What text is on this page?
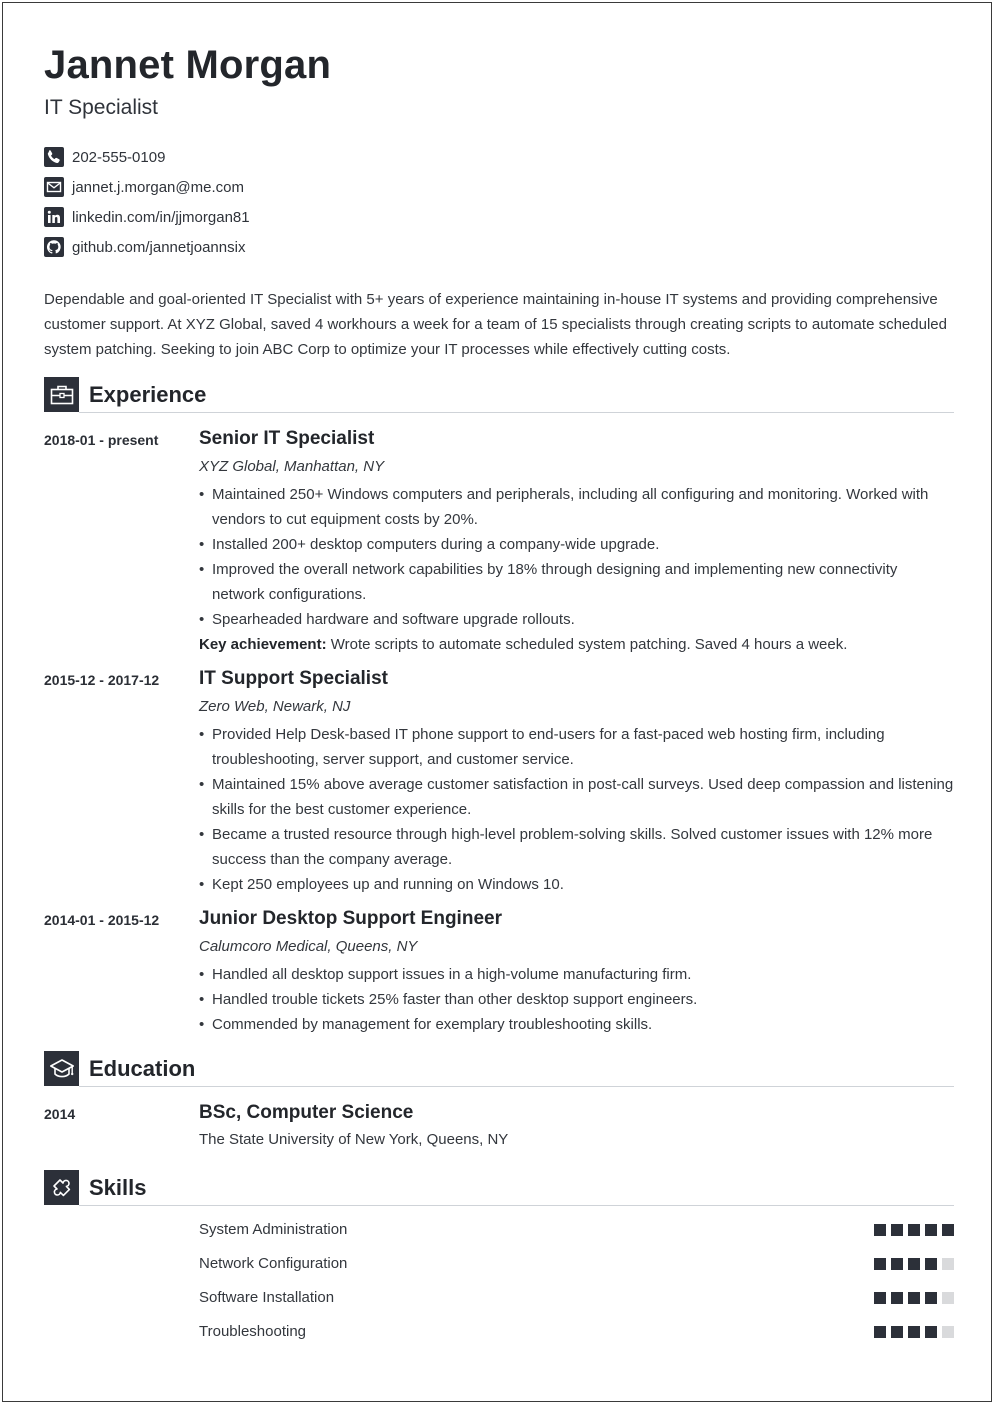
Jannet Morgan
IT Specialist
202-555-0109
jannet.j.morgan@me.com
linkedin.com/in/jjmorgan81
github.com/jannetjoannsix
Dependable and goal-oriented IT Specialist with 5+ years of experience maintaining in-house IT systems and providing comprehensive customer support. At XYZ Global, saved 4 workhours a week for a team of 15 specialists through creating scripts to automate scheduled system patching. Seeking to join ABC Corp to optimize your IT processes while effectively cutting costs.
Experience
2018-01 - present Senior IT Specialist
XYZ Global, Manhattan, NY
• Maintained 250+ Windows computers and peripherals, including all configuring and monitoring. Worked with vendors to cut equipment costs by 20%.
• Installed 200+ desktop computers during a company-wide upgrade.
• Improved the overall network capabilities by 18% through designing and implementing new connectivity network configurations.
• Spearheaded hardware and software upgrade rollouts.
Key achievement: Wrote scripts to automate scheduled system patching. Saved 4 hours a week.
2015-12 - 2017-12 IT Support Specialist
Zero Web, Newark, NJ
• Provided Help Desk-based IT phone support to end-users for a fast-paced web hosting firm, including troubleshooting, server support, and customer service.
• Maintained 15% above average customer satisfaction in post-call surveys. Used deep compassion and listening skills for the best customer experience.
• Became a trusted resource through high-level problem-solving skills. Solved customer issues with 12% more success than the company average.
• Kept 250 employees up and running on Windows 10.
2014-01 - 2015-12 Junior Desktop Support Engineer
Calumcoro Medical, Queens, NY
• Handled all desktop support issues in a high-volume manufacturing firm.
• Handled trouble tickets 25% faster than other desktop support engineers.
• Commended by management for exemplary troubleshooting skills.
Education
2014	BSc, Computer Science
The State University of New York, Queens, NY
Skills
System Administration
Network Configuration
Software Installation
Troubleshooting
